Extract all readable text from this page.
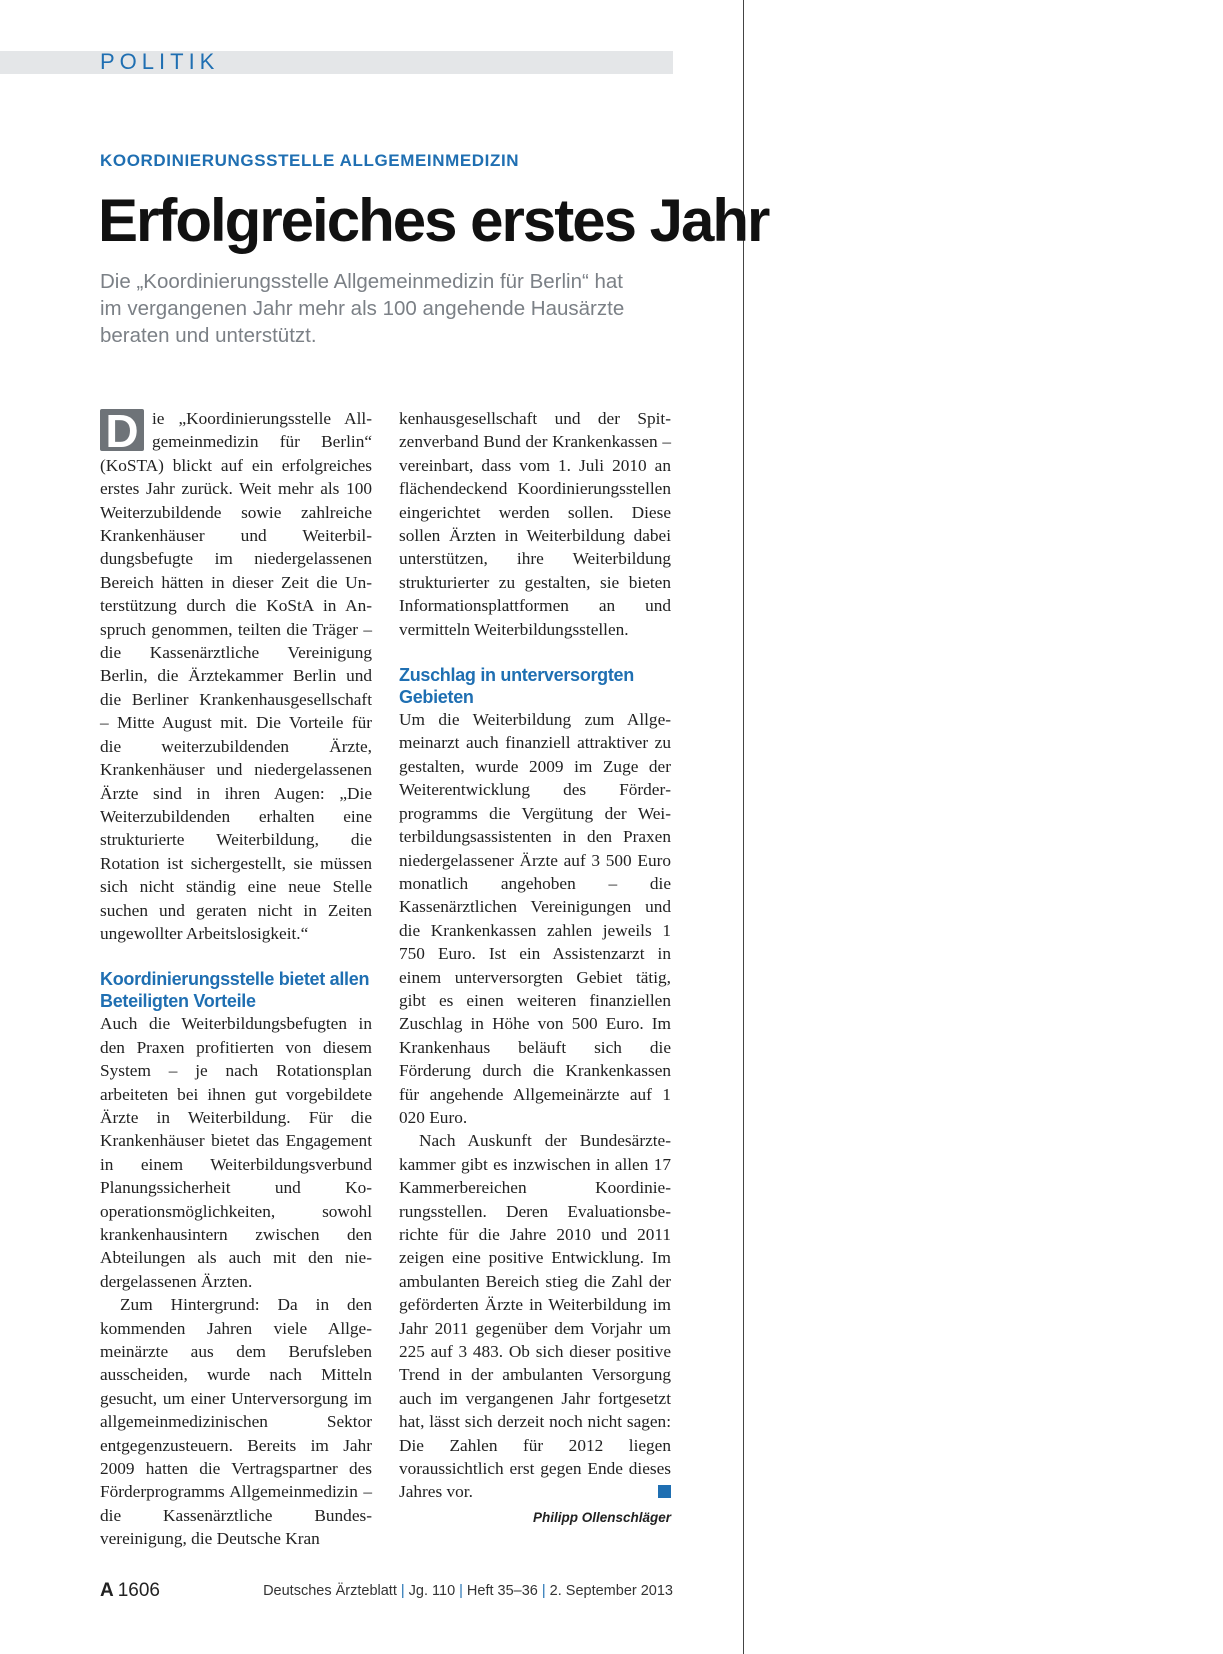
POLITIK

KOORDINIERUNGSSTELLE ALLGEMEINMEDIZIN

Erfolgreiches erstes Jahr

Die „Koordinierungsstelle Allgemeinmedizin für Berlin“ hat im vergangenen Jahr mehr als 100 angehende Hausärzte beraten und unterstützt.

D ie „Koordinierungsstelle Allgemeinmedizin für Berlin“ (KoSTA) blickt auf ein erfolgreiches erstes Jahr zurück. Weit mehr als 100 Weiterzubildende sowie zahlreiche Krankenhäuser und Weiterbildungsbefugte im niedergelassenen Bereich hätten in dieser Zeit die Unterstützung durch die KoStA in Anspruch genommen, teilten die Träger – die Kassenärztliche Vereinigung Berlin, die Ärztekammer Berlin und die Berliner Krankenhausgesellschaft – Mitte August mit. Die Vorteile für die weiterzubildenden Ärzte, Krankenhäuser und niedergelassenen Ärzte sind in ihren Augen: „Die Weiterzubildenden erhalten eine strukturierte Weiterbildung, die Rotation ist sichergestellt, sie müssen sich nicht ständig eine neue Stelle suchen und geraten nicht in Zeiten ungewollter Arbeitslosigkeit.“

Koordinierungsstelle bietet allen Beteiligten Vorteile

Auch die Weiterbildungsbefugten in den Praxen profitierten von diesem System – je nach Rotationsplan arbeiteten bei ihnen gut vorgebildete Ärzte in Weiterbildung. Für die Krankenhäuser bietet das Engagement in einem Weiterbildungsverbund Planungssicherheit und Kooperationsmöglichkeiten, sowohl krankenhausintern zwischen den Abteilungen als auch mit den niedergelassenen Ärzten.

Zum Hintergrund: Da in den kommenden Jahren viele Allgemeinärzte aus dem Berufsleben ausscheiden, wurde nach Mitteln gesucht, um einer Unterversorgung im allgemeinmedizinischen Sektor entgegenzusteuern. Bereits im Jahr 2009 hatten die Vertragspartner des Förderprogramms Allgemeinmedizin – die Kassenärztliche Bundesvereinigung, die Deutsche Kran

kenhausgesellschaft und der Spitzenverband Bund der Krankenkassen – vereinbart, dass vom 1. Juli 2010 an flächendeckend Koordinierungsstellen eingerichtet werden sollen. Diese sollen Ärzten in Weiterbildung dabei unterstützen, ihre Weiterbildung strukturierter zu gestalten, sie bieten Informationsplattformen an und vermitteln Weiterbildungsstellen.

Zuschlag in unterversorgten Gebieten

Um die Weiterbildung zum Allgemeinarzt auch finanziell attraktiver zu gestalten, wurde 2009 im Zuge der Weiterentwicklung des Förderprogramms die Vergütung der Weiterbildungsassistenten in den Praxen niedergelassener Ärzte auf 3 500 Euro monatlich angehoben – die Kassenärztlichen Vereinigungen und die Krankenkassen zahlen jeweils 1 750 Euro. Ist ein Assistenzarzt in einem unterversorgten Gebiet tätig, gibt es einen weiteren finanziellen Zuschlag in Höhe von 500 Euro. Im Krankenhaus beläuft sich die Förderung durch die Krankenkassen für angehende Allgemeinärzte auf 1 020 Euro.

Nach Auskunft der Bundesärztekammer gibt es inzwischen in allen 17 Kammerbereichen Koordinierungsstellen. Deren Evaluationsberichte für die Jahre 2010 und 2011 zeigen eine positive Entwicklung. Im ambulanten Bereich stieg die Zahl der geförderten Ärzte in Weiterbildung im Jahr 2011 gegenüber dem Vorjahr um 225 auf 3 483. Ob sich dieser positive Trend in der ambulanten Versorgung auch im vergangenen Jahr fortgesetzt hat, lässt sich derzeit noch nicht sagen: Die Zahlen für 2012 liegen voraussichtlich erst gegen Ende dieses Jahres vor.

Philipp Ollenschläger
A 1606	Deutsches Ärzteblatt | Jg. 110 | Heft 35–36 | 2. September 2013
